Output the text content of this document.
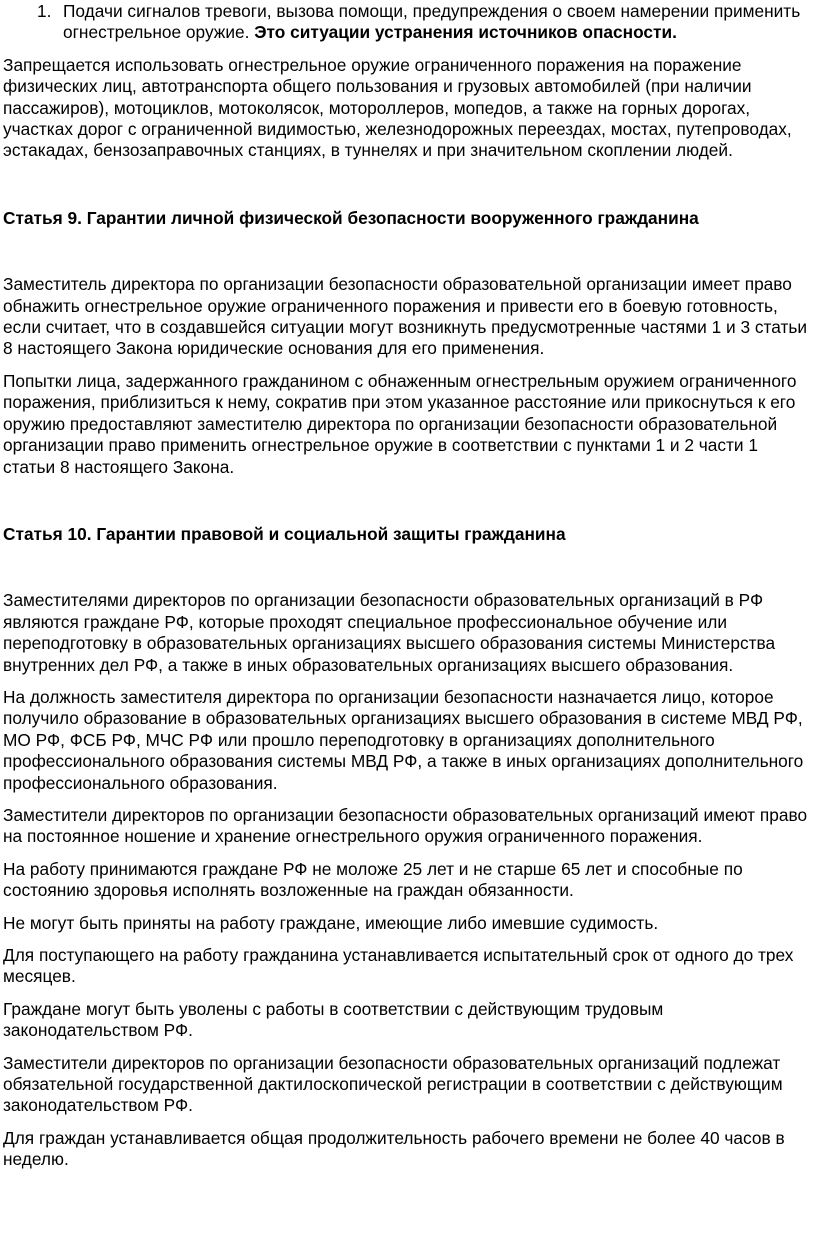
1. Подачи сигналов тревоги, вызова помощи, предупреждения о своем намерении применить огнестрельное оружие. Это ситуации устранения источников опасности.

Запрещается использовать огнестрельное оружие ограниченного поражения на поражение физических лиц, автотранспорта общего пользования и грузовых автомобилей (при наличии пассажиров), мотоциклов, мотоколясок, мотороллеров, мопедов, а также на горных дорогах, участках дорог с ограниченной видимостью, железнодорожных переездах, мостах, путепроводах, эстакадах, бензозаправочных станциях, в туннелях и при значительном скоплении людей.

Статья 9. Гарантии личной физической безопасности вооруженного гражданина

Заместитель директора по организации безопасности образовательной организации имеет право обнажить огнестрельное оружие ограниченного поражения и привести его в боевую готовность, если считает, что в создавшейся ситуации могут возникнуть предусмотренные частями 1 и 3 статьи 8 настоящего Закона юридические основания для его применения.

Попытки лица, задержанного гражданином с обнаженным огнестрельным оружием ограниченного поражения, приблизиться к нему, сократив при этом указанное расстояние или прикоснуться к его оружию предоставляют заместителю директора по организации безопасности образовательной организации право применить огнестрельное оружие в соответствии с пунктами 1 и 2 части 1 статьи 8 настоящего Закона.

Статья 10. Гарантии правовой и социальной защиты гражданина

Заместителями директоров по организации безопасности образовательных организаций в РФ являются граждане РФ, которые проходят специальное профессиональное обучение или переподготовку в образовательных организациях высшего образования системы Министерства внутренних дел РФ, а также в иных образовательных организациях высшего образования.

На должность заместителя директора по организации безопасности назначается лицо, которое получило образование в образовательных организациях высшего образования в системе МВД РФ, МО РФ, ФСБ РФ, МЧС РФ или прошло переподготовку в организациях дополнительного профессионального образования системы МВД РФ, а также в иных организациях дополнительного профессионального образования.

Заместители директоров по организации безопасности образовательных организаций имеют право на постоянное ношение и хранение огнестрельного оружия ограниченного поражения.

На работу принимаются граждане РФ не моложе 25 лет и не старше 65 лет и способные по состоянию здоровья исполнять возложенные на граждан обязанности.

Не могут быть приняты на работу граждане, имеющие либо имевшие судимость.

Для поступающего на работу гражданина устанавливается испытательный срок от одного до трех месяцев.

Граждане могут быть уволены с работы в соответствии с действующим трудовым законодательством РФ.

Заместители директоров по организации безопасности образовательных организаций подлежат обязательной государственной дактилоскопической регистрации в соответствии с действующим законодательством РФ.

Для граждан устанавливается общая продолжительность рабочего времени не более 40 часов в неделю.
